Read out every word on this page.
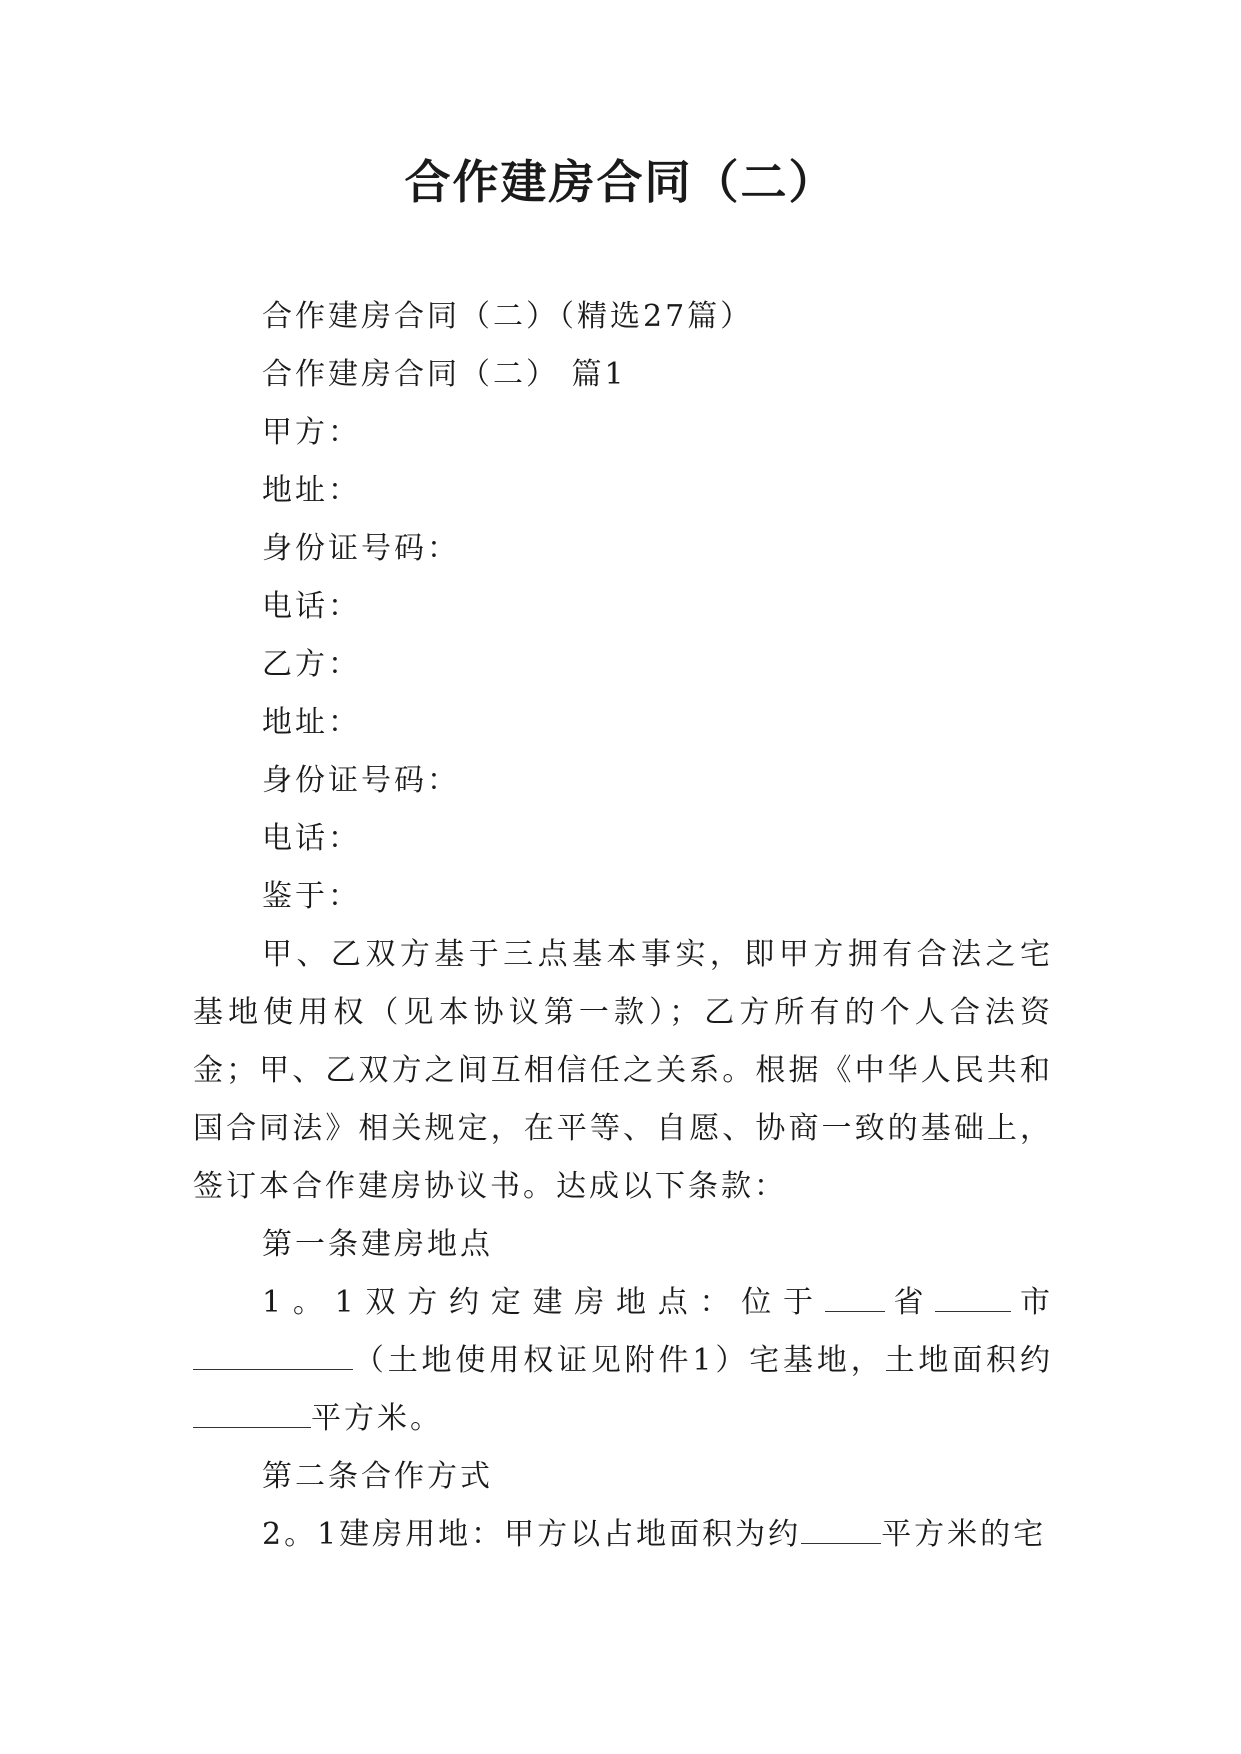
合作建房合同（二）

合作建房合同（二）（精选27篇）

合作建房合同（二） 篇1

甲方：

地址：

身份证号码：

电话：

乙方：

地址：

身份证号码：

电话：

鉴于：

甲、乙双方基于三点基本事实，即甲方拥有合法之宅基地使用权（见本协议第一款）；乙方所有的个人合法资金；甲、乙双方之间互相信任之关系。根据《中华人民共和国合同法》相关规定，在平等、自愿、协商一致的基础上，签订本合作建房协议书。达成以下条款：

第一条建房地点

1。1双方约定建房地点：位于 省	市（土地使用权证见附件1）宅基地，土地面积约平方米。

第二条合作方式

2。1建房用地：甲方以占地面积为约	平方米的宅
